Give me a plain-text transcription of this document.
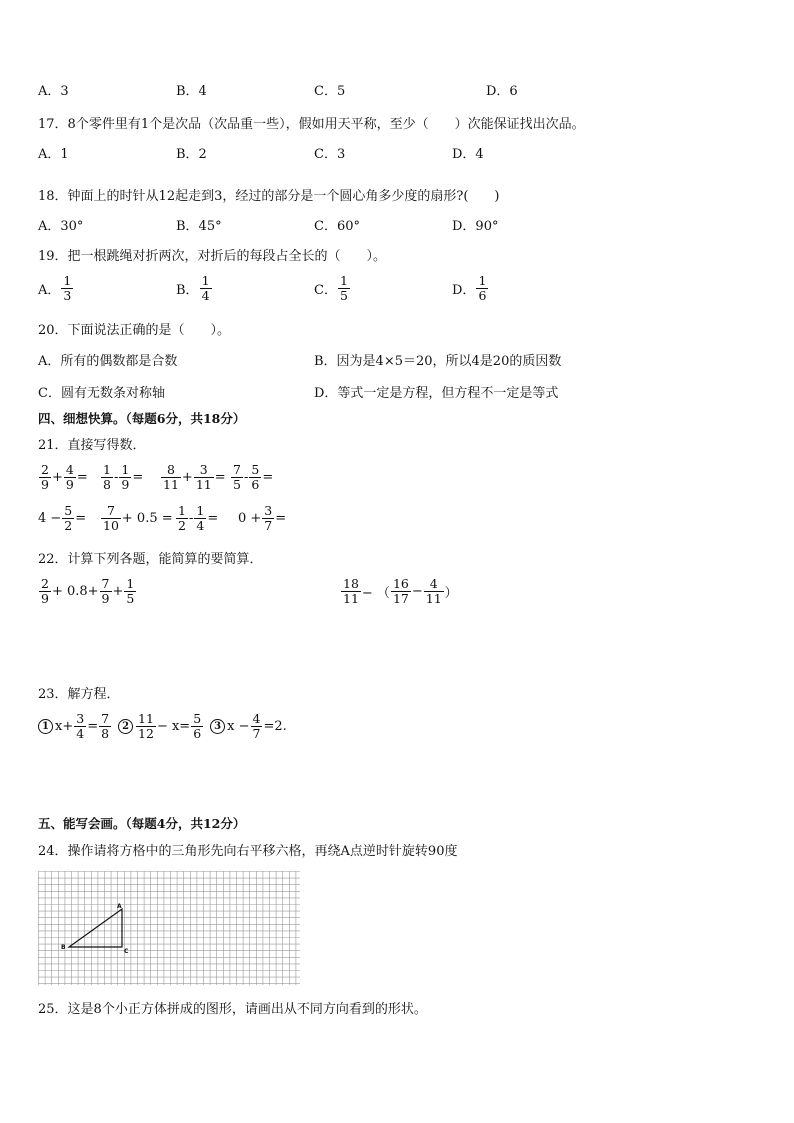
A．3	B．4	C．5	D．6
17．8个零件里有1个是次品（次品重一些），假如用天平称，至少（　　）次能保证找出次品。
A．1	B．2	C．3	D．4
18．钟面上的时针从12起走到3，经过的部分是一个圆心角多少度的扇形?(　　)
A．30°	B．45°	C．60°	D．90°
19．把一根跳绳对折两次，对折后的每段占全长的（　　）。
A． $\frac{1}{3}$	B． $\frac{1}{4}$	C． $\frac{1}{5}$	D． $\frac{1}{6}$
20．下面说法正确的是（　　）。
A．所有的偶数都是合数	B．因为是4×5＝20，所以4是20的质因数
C．圆有无数条对称轴	D．等式一定是方程，但方程不一定是等式
四、细想快算。（每题6分，共18分）
21．直接写得数．
$\frac{2}{9} + \frac{4}{9} = \frac{1}{8} - \frac{1}{9} = \frac{8}{11} + \frac{3}{11} = \frac{7}{5} - \frac{5}{6}$ =
$4 - \frac{5}{2} = \frac{7}{10} + 0.5 = \frac{1}{2} - \frac{1}{4} = 0 + \frac{3}{7}$ =
22．计算下列各题，能简算的要简算．
$\frac{2}{9} + 0.8+ \frac{7}{9} + \frac{1}{5}$	$\frac{18}{11}$ − （ $\frac{16}{17} - \frac{4}{11}$ ）
23．解方程．
1 $x+ \frac{3}{4} = \frac{7}{8}$	$2 \frac{11}{12} - x= \frac{5}{6}$	3 $x - \frac{4}{7} =2$.
五、能写会画。（每题4分，共12分）
24．操作请将方格中的三角形先向右平移六格，再绕A点逆时针旋转90度
A
B
C
25．这是8个小正方体拼成的图形，请画出从不同方向看到的形状。
